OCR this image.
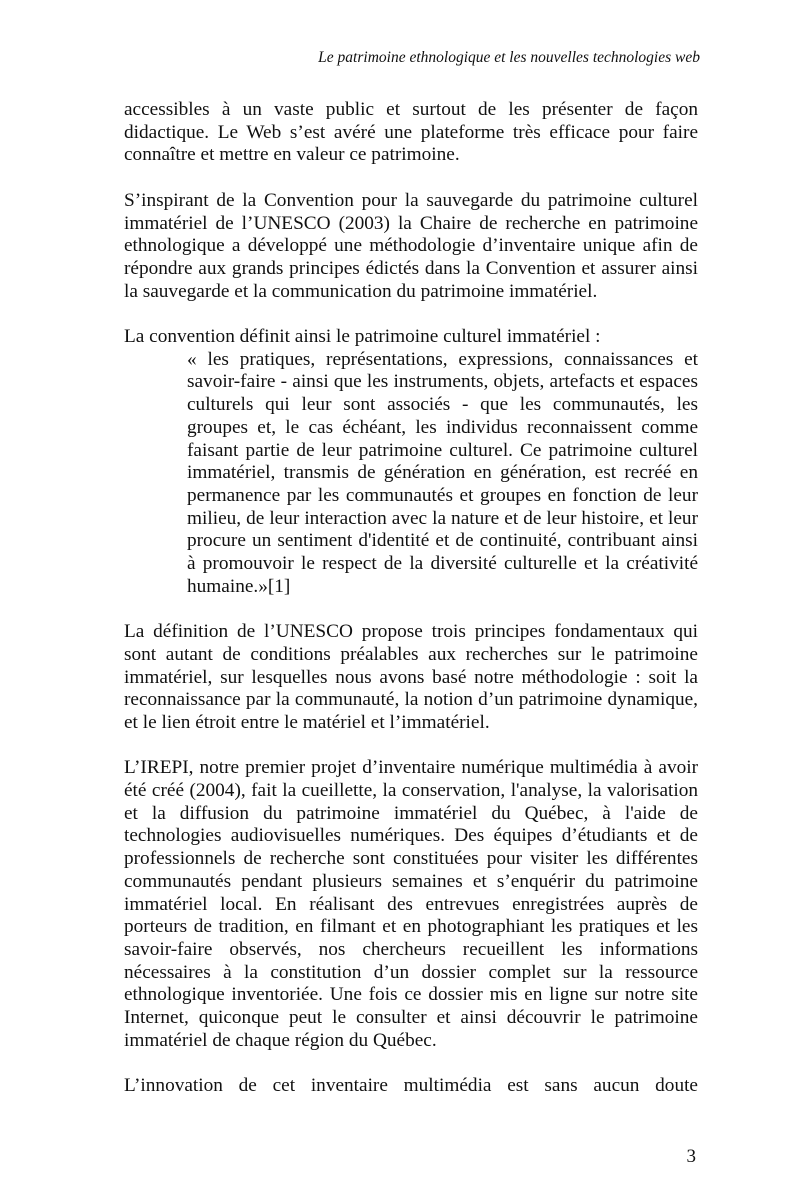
Le patrimoine ethnologique et les nouvelles technologies web

accessibles à un vaste public et surtout de les présenter de façon didactique. Le Web s’est avéré une plateforme très efficace pour faire connaître et mettre en valeur ce patrimoine.

S’inspirant de la Convention pour la sauvegarde du patrimoine culturel immatériel de l’UNESCO (2003) la Chaire de recherche en patrimoine ethnologique a développé une méthodologie d’inventaire unique afin de répondre aux grands principes édictés dans la Convention et assurer ainsi la sauvegarde et la communication du patrimoine immatériel.

La convention définit ainsi le patrimoine culturel immatériel :

« les pratiques, représentations, expressions, connaissances et savoir-faire - ainsi que les instruments, objets, artefacts et espaces culturels qui leur sont associés - que les communautés, les groupes et, le cas échéant, les individus reconnaissent comme faisant partie de leur patrimoine culturel. Ce patrimoine culturel immatériel, transmis de génération en génération, est recréé en permanence par les communautés et groupes en fonction de leur milieu, de leur interaction avec la nature et de leur histoire, et leur procure un sentiment d'identité et de continuité, contribuant ainsi à promouvoir le respect de la diversité culturelle et la créativité humaine.»[1]

La définition de l’UNESCO propose trois principes fondamentaux qui sont autant de conditions préalables aux recherches sur le patrimoine immatériel, sur lesquelles nous avons basé notre méthodologie : soit la reconnaissance par la communauté, la notion d’un patrimoine dynamique, et le lien étroit entre le matériel et l’immatériel.

L’IREPI, notre premier projet d’inventaire numérique multimédia à avoir été créé (2004), fait la cueillette, la conservation, l'analyse, la valorisation et la diffusion du patrimoine immatériel du Québec, à l'aide de technologies audiovisuelles numériques. Des équipes d’étudiants et de professionnels de recherche sont constituées pour visiter les différentes communautés pendant plusieurs semaines et s’enquérir du patrimoine immatériel local. En réalisant des entrevues enregistrées auprès de porteurs de tradition, en filmant et en photographiant les pratiques et les savoir-faire observés, nos chercheurs recueillent les informations nécessaires à la constitution d’un dossier complet sur la ressource ethnologique inventoriée. Une fois ce dossier mis en ligne sur notre site Internet, quiconque peut le consulter et ainsi découvrir le patrimoine immatériel de chaque région du Québec.

L’innovation de cet inventaire multimédia est sans aucun doute

3
